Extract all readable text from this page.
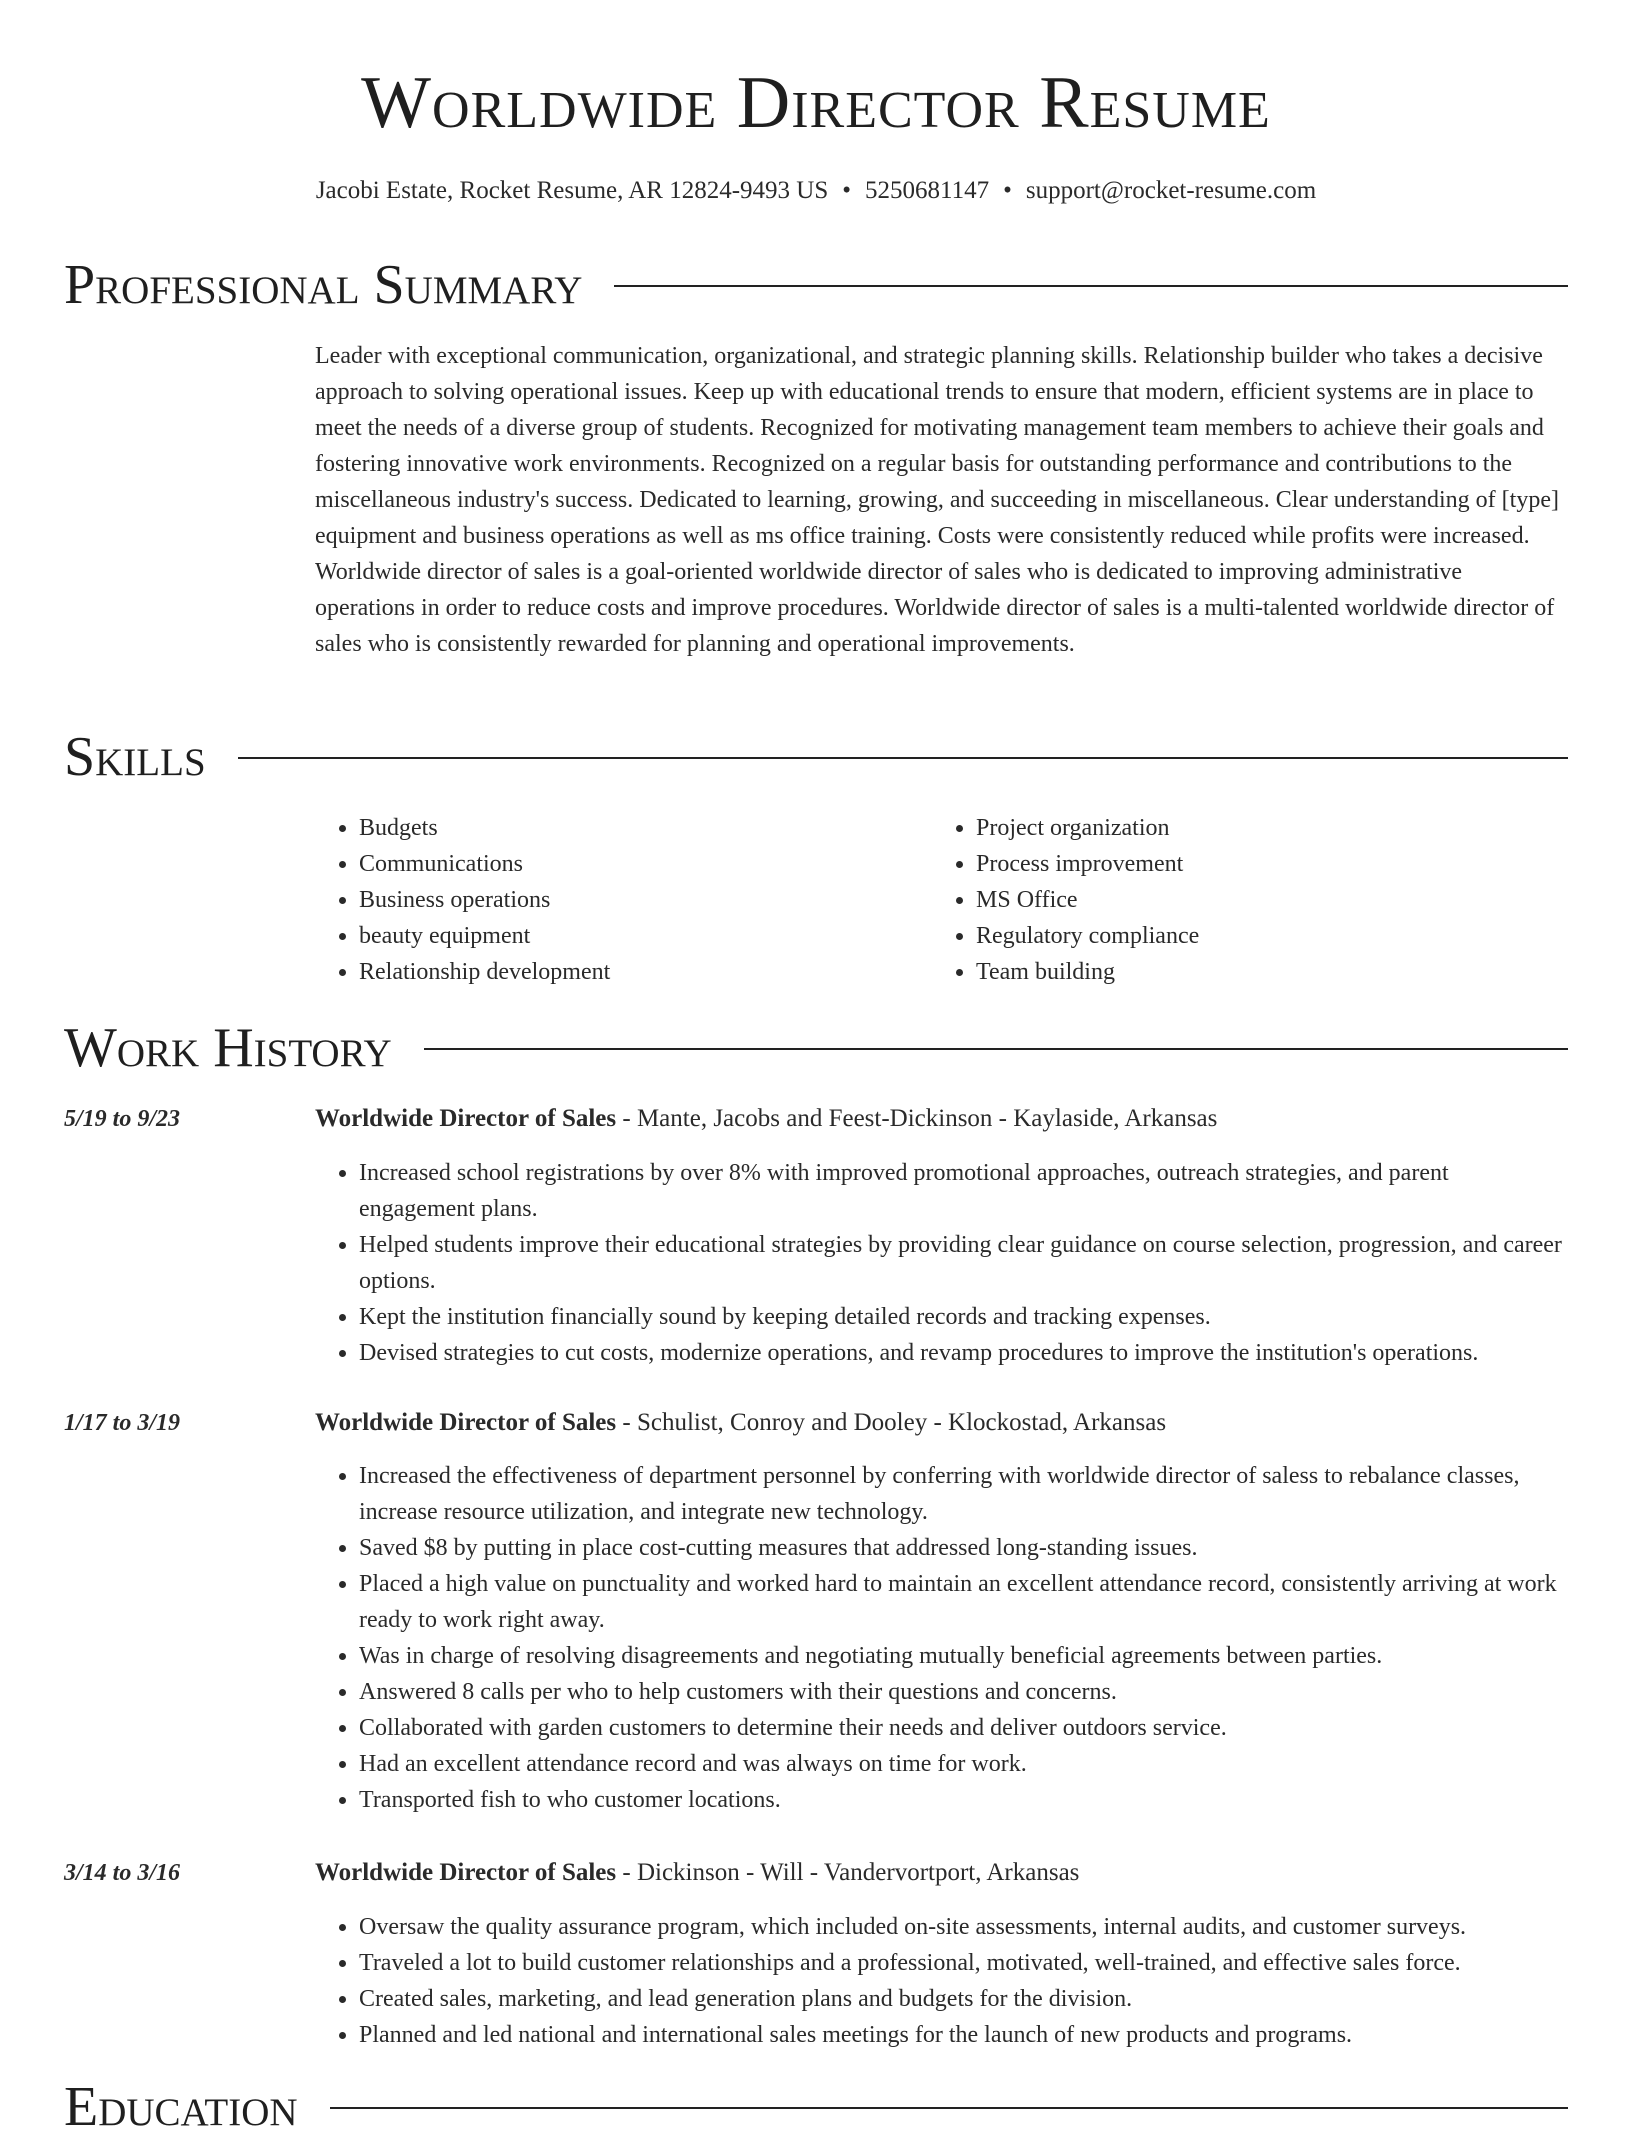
Worldwide Director Resume
Jacobi Estate, Rocket Resume, AR 12824-9493 US • 5250681147 • support@rocket-resume.com
Professional Summary
Leader with exceptional communication, organizational, and strategic planning skills. Relationship builder who takes a decisive approach to solving operational issues. Keep up with educational trends to ensure that modern, efficient systems are in place to meet the needs of a diverse group of students. Recognized for motivating management team members to achieve their goals and fostering innovative work environments. Recognized on a regular basis for outstanding performance and contributions to the miscellaneous industry's success. Dedicated to learning, growing, and succeeding in miscellaneous. Clear understanding of [type] equipment and business operations as well as ms office training. Costs were consistently reduced while profits were increased. Worldwide director of sales is a goal-oriented worldwide director of sales who is dedicated to improving administrative operations in order to reduce costs and improve procedures. Worldwide director of sales is a multi-talented worldwide director of sales who is consistently rewarded for planning and operational improvements.
Skills
• Budgets
• Communications
• Business operations
• beauty equipment
• Relationship development
• Project organization
• Process improvement
• MS Office
• Regulatory compliance
• Team building
Work History
5/19 to 9/23	Worldwide Director of Sales - Mante, Jacobs and Feest-Dickinson - Kaylaside, Arkansas
• Increased school registrations by over 8% with improved promotional approaches, outreach strategies, and parent engagement plans.
• Helped students improve their educational strategies by providing clear guidance on course selection, progression, and career options.
• Kept the institution financially sound by keeping detailed records and tracking expenses.
• Devised strategies to cut costs, modernize operations, and revamp procedures to improve the institution's operations.
1/17 to 3/19	Worldwide Director of Sales - Schulist, Conroy and Dooley - Klockostad, Arkansas
• Increased the effectiveness of department personnel by conferring with worldwide director of saless to rebalance classes, increase resource utilization, and integrate new technology.
• Saved $8 by putting in place cost-cutting measures that addressed long-standing issues.
• Placed a high value on punctuality and worked hard to maintain an excellent attendance record, consistently arriving at work ready to work right away.
• Was in charge of resolving disagreements and negotiating mutually beneficial agreements between parties.
• Answered 8 calls per who to help customers with their questions and concerns.
• Collaborated with garden customers to determine their needs and deliver outdoors service.
• Had an excellent attendance record and was always on time for work.
• Transported fish to who customer locations.
3/14 to 3/16	Worldwide Director of Sales - Dickinson - Will - Vandervortport, Arkansas
• Oversaw the quality assurance program, which included on-site assessments, internal audits, and customer surveys.
• Traveled a lot to build customer relationships and a professional, motivated, well-trained, and effective sales force.
• Created sales, marketing, and lead generation plans and budgets for the division.
• Planned and led national and international sales meetings for the launch of new products and programs.
Education
